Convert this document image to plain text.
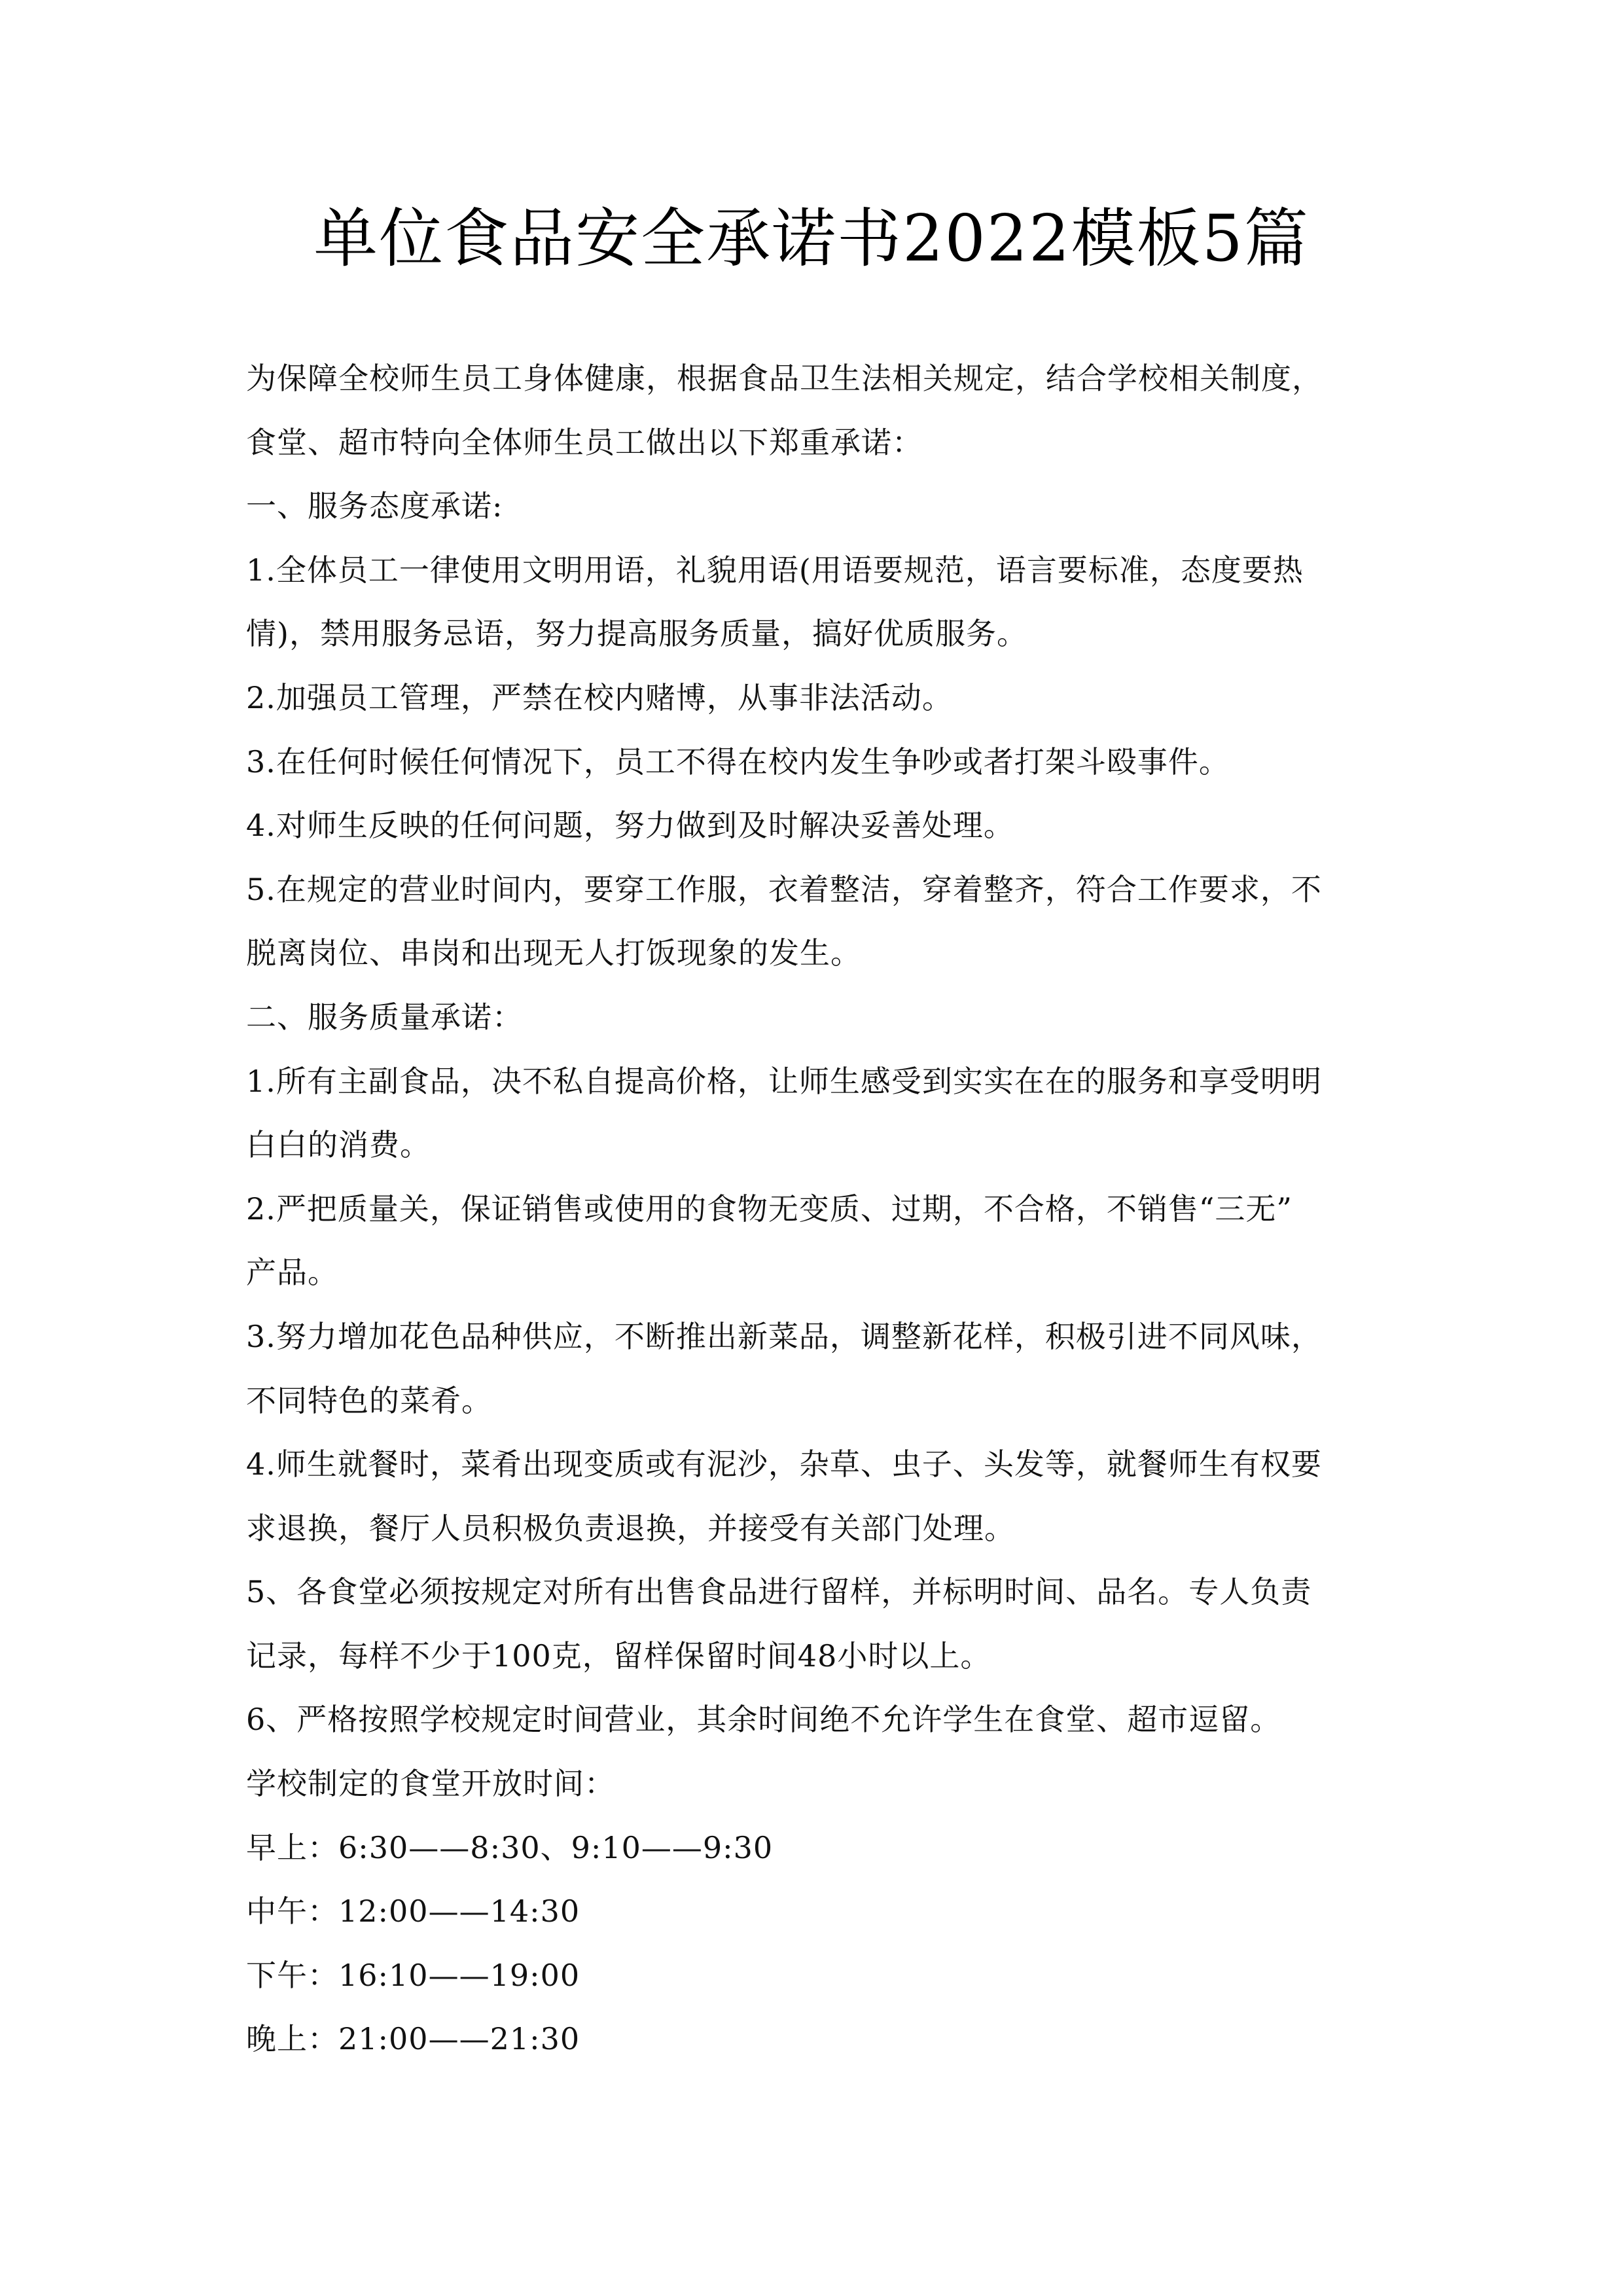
单位食品安全承诺书2022模板5篇
为保障全校师生员工身体健康，根据食品卫生法相关规定，结合学校相关制度，
食堂、超市特向全体师生员工做出以下郑重承诺：
一、服务态度承诺:
1.全体员工一律使用文明用语，礼貌用语(用语要规范，语言要标准，态度要热
情)，禁用服务忌语，努力提高服务质量，搞好优质服务。
2.加强员工管理，严禁在校内赌博，从事非法活动。
3.在任何时候任何情况下，员工不得在校内发生争吵或者打架斗殴事件。
4.对师生反映的任何问题，努力做到及时解决妥善处理。
5.在规定的营业时间内，要穿工作服，衣着整洁，穿着整齐，符合工作要求，不
脱离岗位、串岗和出现无人打饭现象的发生。
二、服务质量承诺：
1.所有主副食品，决不私自提高价格，让师生感受到实实在在的服务和享受明明
白白的消费。
2.严把质量关，保证销售或使用的食物无变质、过期，不合格，不销售“三无”
产品。
3.努力增加花色品种供应，不断推出新菜品，调整新花样，积极引进不同风味，
不同特色的菜肴。
4.师生就餐时，菜肴出现变质或有泥沙，杂草、虫子、头发等，就餐师生有权要
求退换，餐厅人员积极负责退换，并接受有关部门处理。
5、各食堂必须按规定对所有出售食品进行留样，并标明时间、品名。专人负责
记录，每样不少于100克，留样保留时间48小时以上。
6、严格按照学校规定时间营业，其余时间绝不允许学生在食堂、超市逗留。
学校制定的食堂开放时间：
早上：6:30——8:30、9:10——9:30
中午：12:00——14:30
下午：16:10——19:00
晚上：21:00——21:30
